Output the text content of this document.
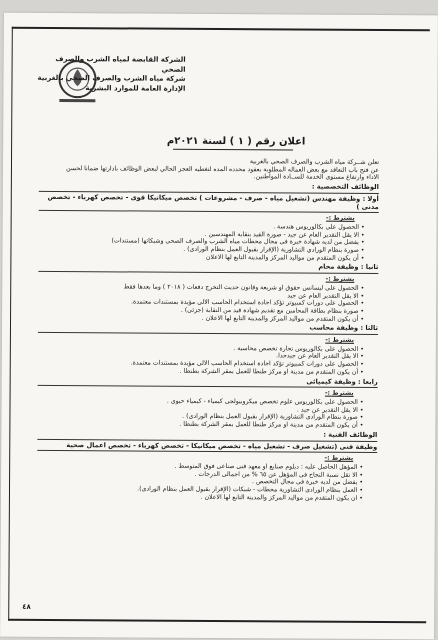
الشركة القابضة لمياه الشرب والصرف الصحي
شركة مياه الشرب والصرف الصحي بالغربية
الإدارة العامة للموارد البشرية
اعلان رقم ( ١ ) لسنة ٢٠٢١م

تعلن شــركة مياه الشرب والصرف الصحي بالغربية

عن فتح باب التعاقد مع بعض العماله المطلوبة بعقود محدده المده لتغطيه العجز الحالي لبعض الوظائف بادارتها ضمانا لحسن

الاداء وارتفاع مستوى الخدمة للســادة المواطنين.

الوظائف التخصصية :

أولا : وظيفة مهندس (تشغيل مياه - صرف - مشروعات ) تخصص ميكانيكا قوى - تخصص كهرباء - تخصص مدنى )

يشترط :-

• الحصول على بكالوريوس هندسة .

• الا يقل التقدير العام عن جيد - صورة القيد بنقابة المهندسين .

• يفضل من لديه شهادة خبرة فى مجال محطات مياه الشرب والصرف الصحى وشبكاتها (مستندات)

• صورة بنظام الورادي التشاورية (الإقرار بقبول العمل بنظام الورادى) .

• أن يكون المتقدم من مواليد المركز والمدينة التابع لها الاعلان

ثانيا : وظيفة محام

يشترط :-

• الحصول على ليسانس حقوق او شريعة وقانون حديث التخرج دفعات ( ٢٠١٨ ) وما بعدها فقط

• الا يقل التقدير العام عن جيد

• الحصول على دورات كمبيوتر تؤكد اجادة استخدام الحاسب الالى مؤيدة بمستندات معتمدة.

• صورة بنظام بطاقة المحامين مع تقديم شهادة قيد من النقابة (جزئى) .

• أن يكون المتقدم من مواليد المركز والمدينة التابع لها الاعلان .

ثالثا : وظيفة محاسب

يشترط :-

• الحصول على بكالوريوس تجارة تخصص محاسبة .

• الا يقل التقدير العام عن جيدجدا.

• الحصول على دورات كمبيوتر تؤكد اجادة استخدام الحاسب الالى مؤيدة بمستندات معتمدة.

• أن يكون المتقدم من مدينة او مركز طنطا للعمل بمقر الشركة بطنطا .

رابعا : وظيفة كيميائى

يشترط :-

• الحصول على بكالوريوس علوم تخصص ميكروبيولجى كيمياء - كيمياء حيوى .

• الا يقل التقدير عن جيد .

• صورة بنظام الورادى التشاورية (الإقرار بقبول العمل بنظام الورادى) .

• أن يكون المتقدم من مدينة او مركز طنطا للعمل بمقر الشركة بطنطا .

الوظائف الفنية :

وظيفة فنى (تشغيل صرف - تشغيل مياه - تخصص ميكانيكا - تخصص كهرباء - تخصص اعمال صحية

يشترط :-

• المؤهل الحاصل عليه : دبلوم صنايع او معهد فنى صناعى فوق المتوسط .

• الا تقل نسبة النجاح فى المؤهل عن ٦٥ % من اجمالى الدرجات .

• يفضل من لديه خبرة فى مجال التخصص .

• العمل بنظام الورادى التشاورية محطات - شبكات (الإقرار بقبول العمل بنظام الورادى).

• ان يكون المتقدم من مواليد المركز والمدينة التابع لها الاعلان .

٤٨
